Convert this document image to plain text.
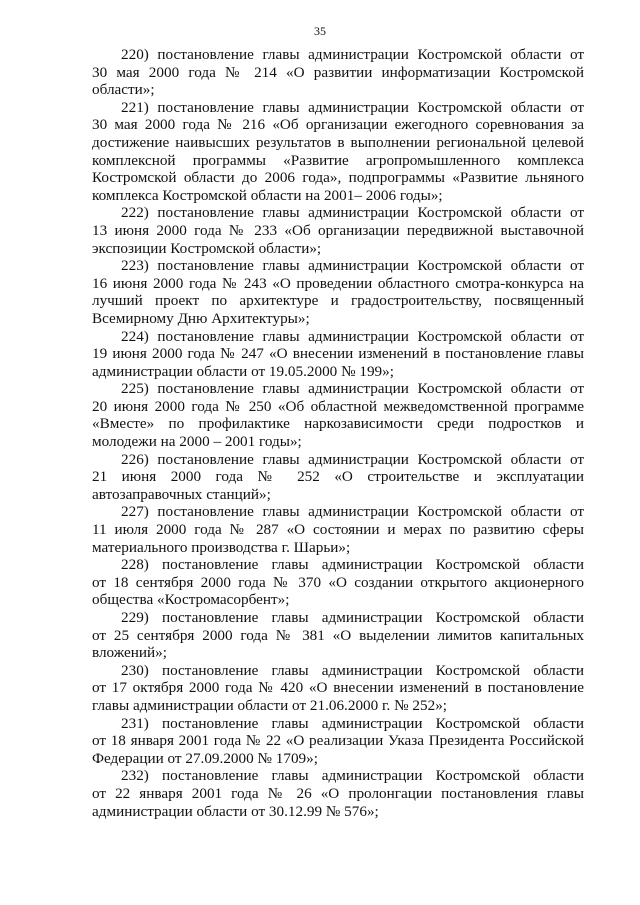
35
220) постановление главы администрации Костромской области от
30 мая 2000 года № 214 «О развитии информатизации Костромской
области»;
221) постановление главы администрации Костромской области от
30 мая 2000 года № 216 «Об организации ежегодного соревнования за
достижение наивысших результатов в выполнении региональной целевой
комплексной программы «Развитие агропромышленного комплекса
Костромской области до 2006 года», подпрограммы «Развитие льняного
комплекса Костромской области на 2001– 2006 годы»;
222) постановление главы администрации Костромской области от
13 июня 2000 года № 233 «Об организации передвижной выставочной
экспозиции Костромской области»;
223) постановление главы администрации Костромской области от
16 июня 2000 года № 243 «О проведении областного смотра-конкурса на
лучший проект по архитектуре и градостроительству, посвященный
Всемирному Дню Архитектуры»;
224) постановление главы администрации Костромской области от
19 июня 2000 года № 247 «О внесении изменений в постановление главы
администрации области от 19.05.2000 № 199»;
225) постановление главы администрации Костромской области от
20 июня 2000 года № 250 «Об областной межведомственной программе
«Вместе» по профилактике наркозависимости среди подростков и
молодежи на 2000 – 2001 годы»;
226) постановление главы администрации Костромской области от
21 июня 2000 года № 252 «О строительстве и эксплуатации
автозаправочных станций»;
227) постановление главы администрации Костромской области от
11 июля 2000 года № 287 «О состоянии и мерах по развитию сферы
материального производства г. Шарьи»;
228) постановление главы администрации Костромской области
от 18 сентября 2000 года № 370 «О создании открытого акционерного
общества «Костромасорбент»;
229) постановление главы администрации Костромской области
от 25 сентября 2000 года № 381 «О выделении лимитов капитальных
вложений»;
230) постановление главы администрации Костромской области
от 17 октября 2000 года № 420 «О внесении изменений в постановление
главы администрации области от 21.06.2000 г. № 252»;
231) постановление главы администрации Костромской области
от 18 января 2001 года № 22 «О реализации Указа Президента Российской
Федерации от 27.09.2000 № 1709»;
232) постановление главы администрации Костромской области
от 22 января 2001 года № 26 «О пролонгации постановления главы
администрации области от 30.12.99 № 576»;
